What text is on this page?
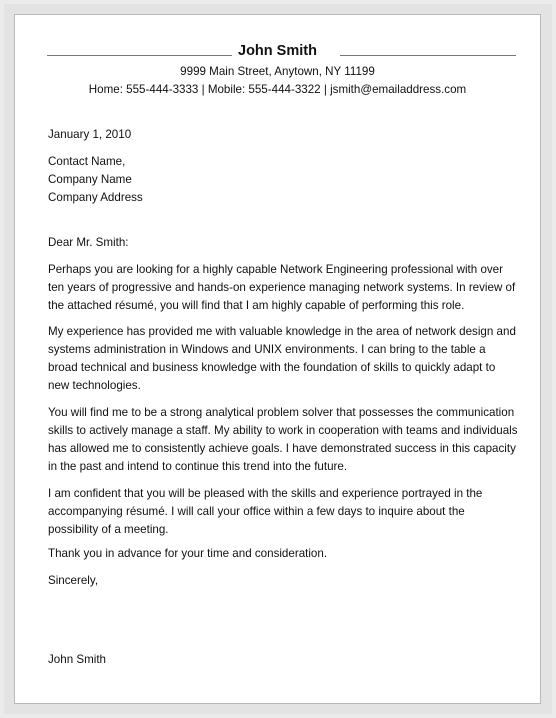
John Smith
9999 Main Street, Anytown, NY 11199
Home: 555-444-3333 | Mobile: 555-444-3322 | jsmith@emailaddress.com

January 1, 2010

Contact Name,

Company Name

Company Address

Dear Mr. Smith:

Perhaps you are looking for a highly capable Network Engineering professional with over ten years of progressive and hands-on experience managing network systems. In review of the attached résumé, you will find that I am highly capable of performing this role.

My experience has provided me with valuable knowledge in the area of network design and systems administration in Windows and UNIX environments. I can bring to the table a broad technical and business knowledge with the foundation of skills to quickly adapt to new technologies.

You will find me to be a strong analytical problem solver that possesses the communication skills to actively manage a staff. My ability to work in cooperation with teams and individuals has allowed me to consistently achieve goals. I have demonstrated success in this capacity in the past and intend to continue this trend into the future.

I am confident that you will be pleased with the skills and experience portrayed in the accompanying résumé. I will call your office within a few days to inquire about the possibility of a meeting.

Thank you in advance for your time and consideration.

Sincerely,

John Smith
